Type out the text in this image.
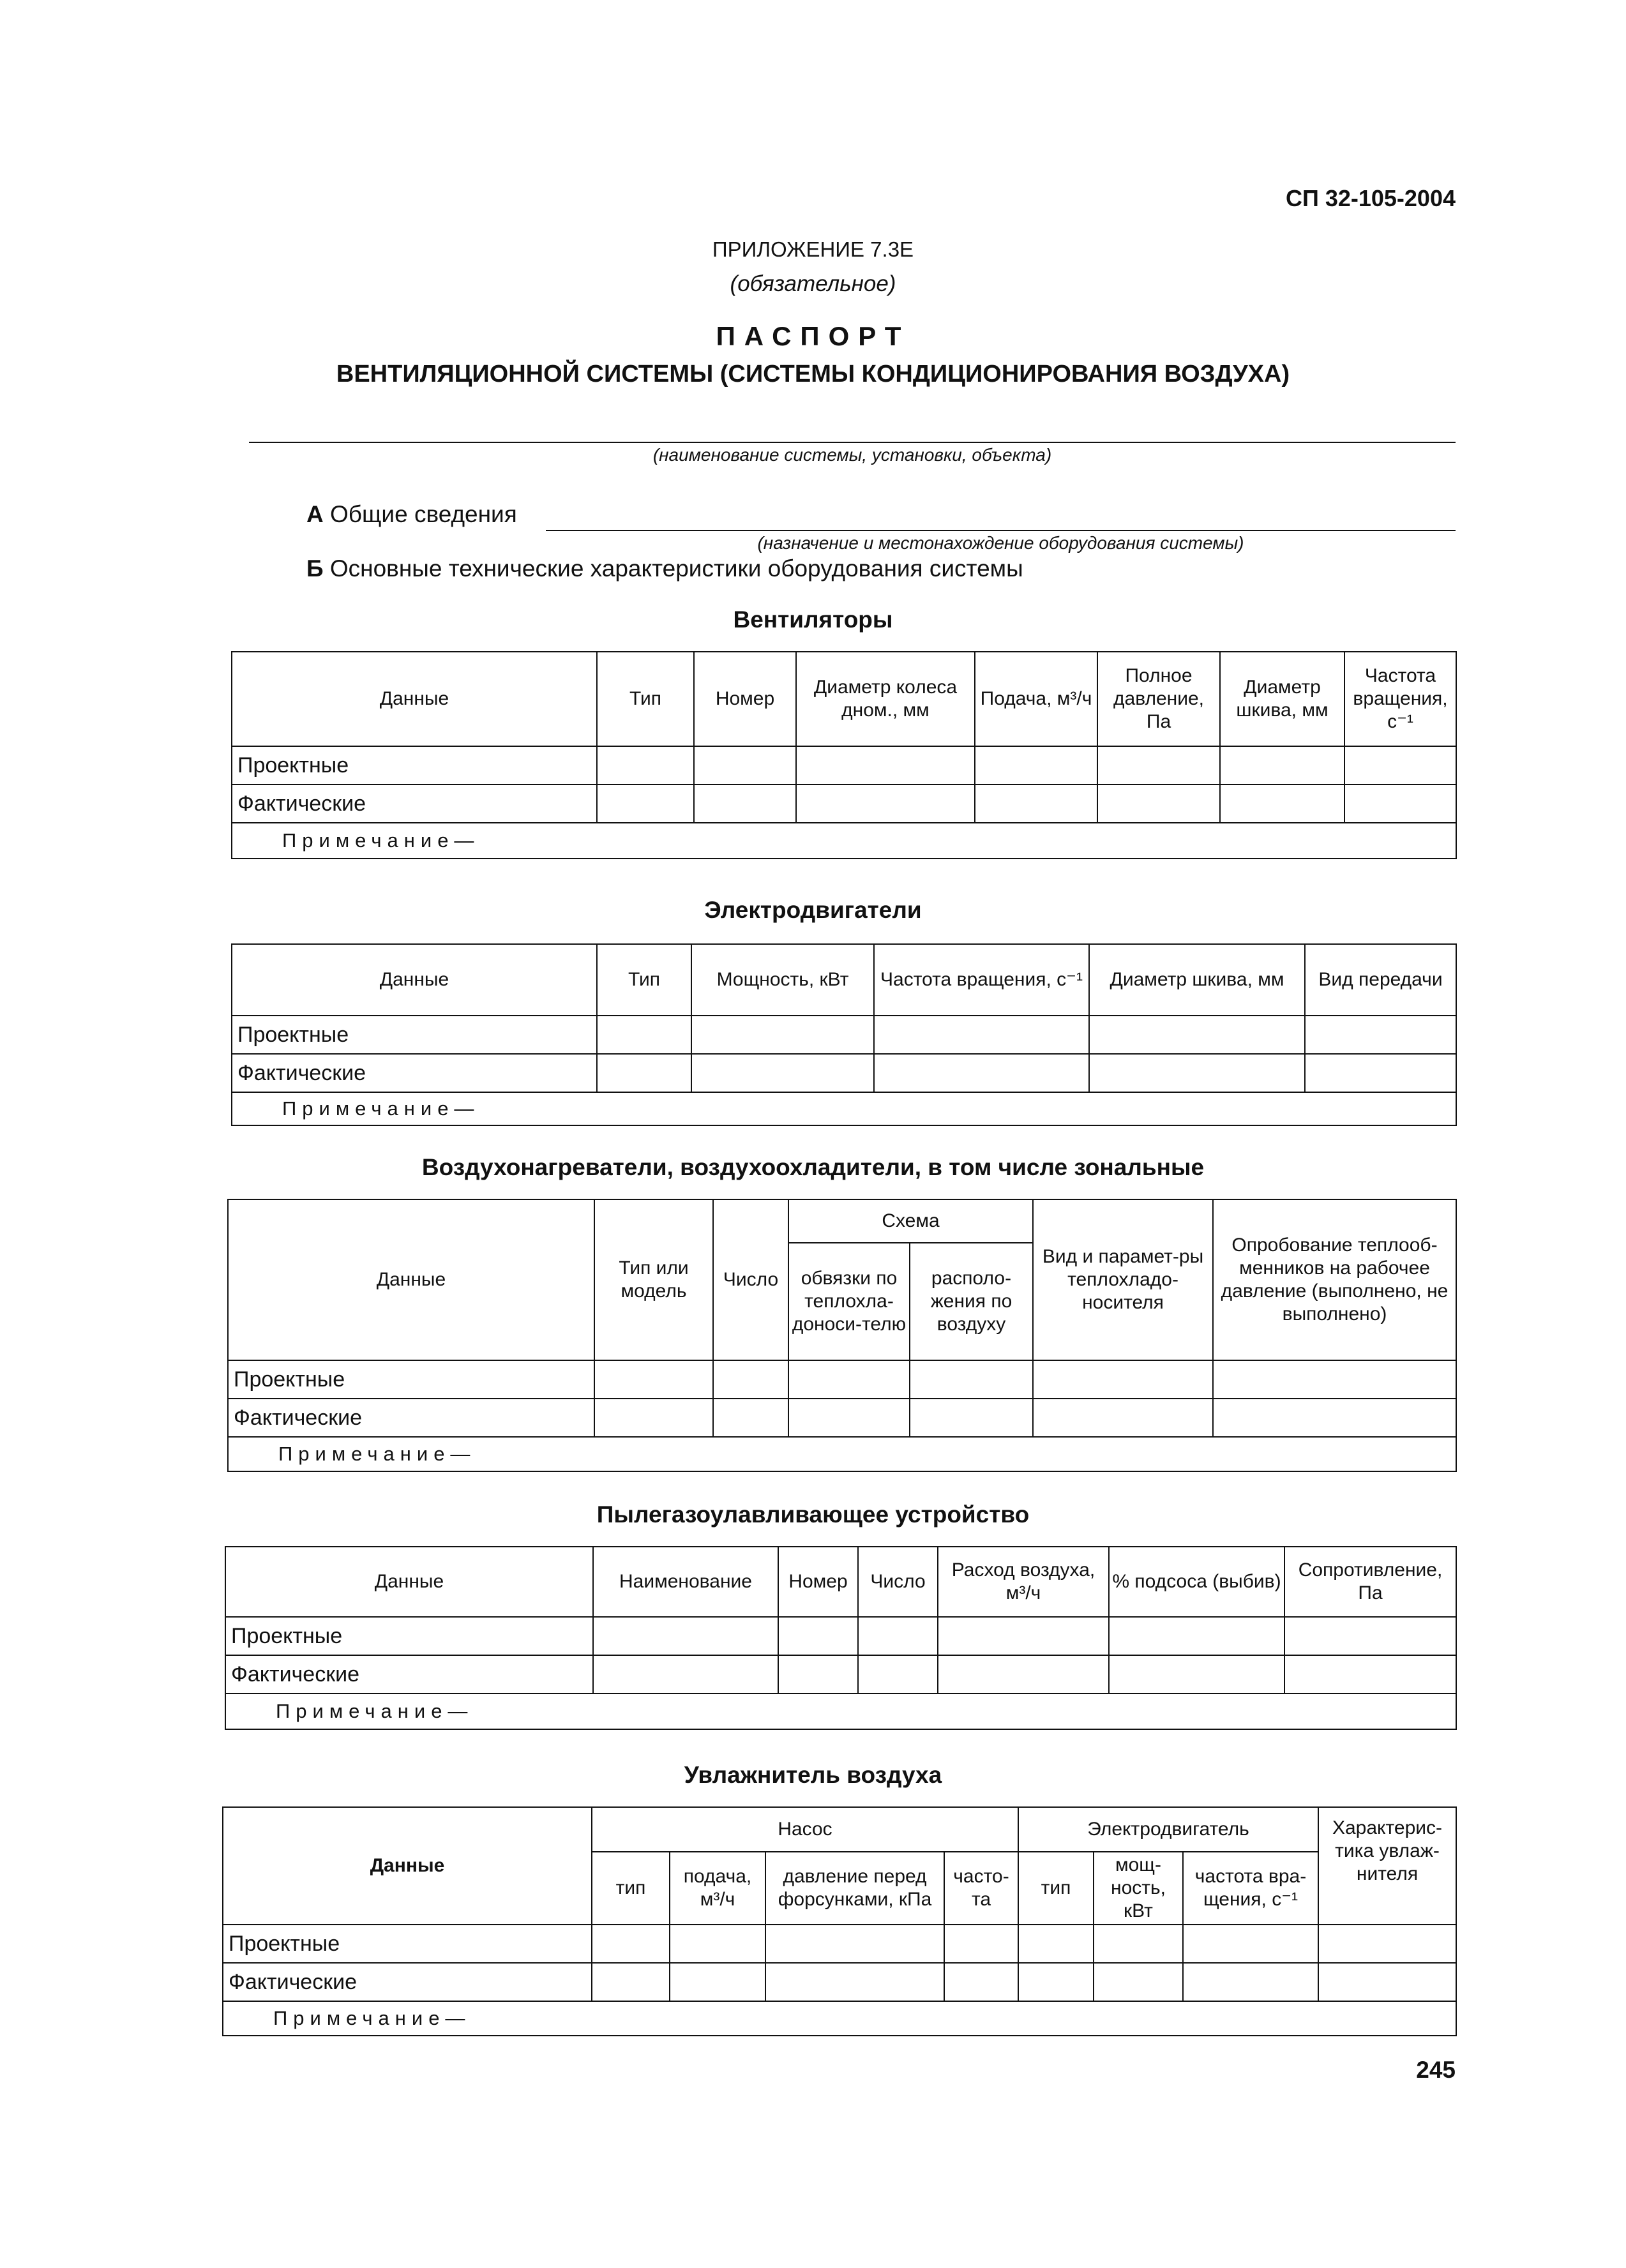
СП 32-105-2004
ПРИЛОЖЕНИЕ 7.3Е
(обязательное)
ПАСПОРТ
ВЕНТИЛЯЦИОННОЙ СИСТЕМЫ (СИСТЕМЫ КОНДИЦИОНИРОВАНИЯ ВОЗДУХА)
(наименование системы, установки, объекта)
А Общие сведения
(назначение и местонахождение оборудования системы)
Б Основные технические характеристики оборудования системы
Вентиляторы
Данные	Тип	Номер	Диаметр колеса дном., мм	Подача, м³/ч	Полное давление, Па	Диаметр шкива, мм	Частота вращения, с⁻¹
Проектные							
Фактические							
Примечание—							
Электродвигатели
Данные	Тип	Мощность, кВт	Частота вращения, с⁻¹	Диаметр шкива, мм	Вид передачи
Проектные					
Фактические					
Примечание—					
Воздухонагреватели, воздухоохладители, в том числе зональные
Данные	Тип или модель	Число	Схема		Вид и парамет-ры теплохладо-носителя	Опробование теплооб-менников на рабочее давление (выполнено, не выполнено)
			обвязки по теплохла-доноси-телю	располо-жения по воздуху		
Проектные						
Фактические						
Примечание—						
Пылегазоулавливающее устройство
Данные	Наименование	Номер	Число	Расход воздуха, м³/ч	% подсоса (выбив)	Сопротивление, Па
Проектные						
Фактические						
Примечание—						
Увлажнитель воздуха
Данные	Насос				Электродвигатель			Характерис-тика увлаж-нителя
	тип	подача, м³/ч	давление перед форсунками, кПа	часто-та	тип	мощ-ность, кВт	частота вра-щения, с⁻¹	
Проектные								
Фактические								
Примечание—								
245
